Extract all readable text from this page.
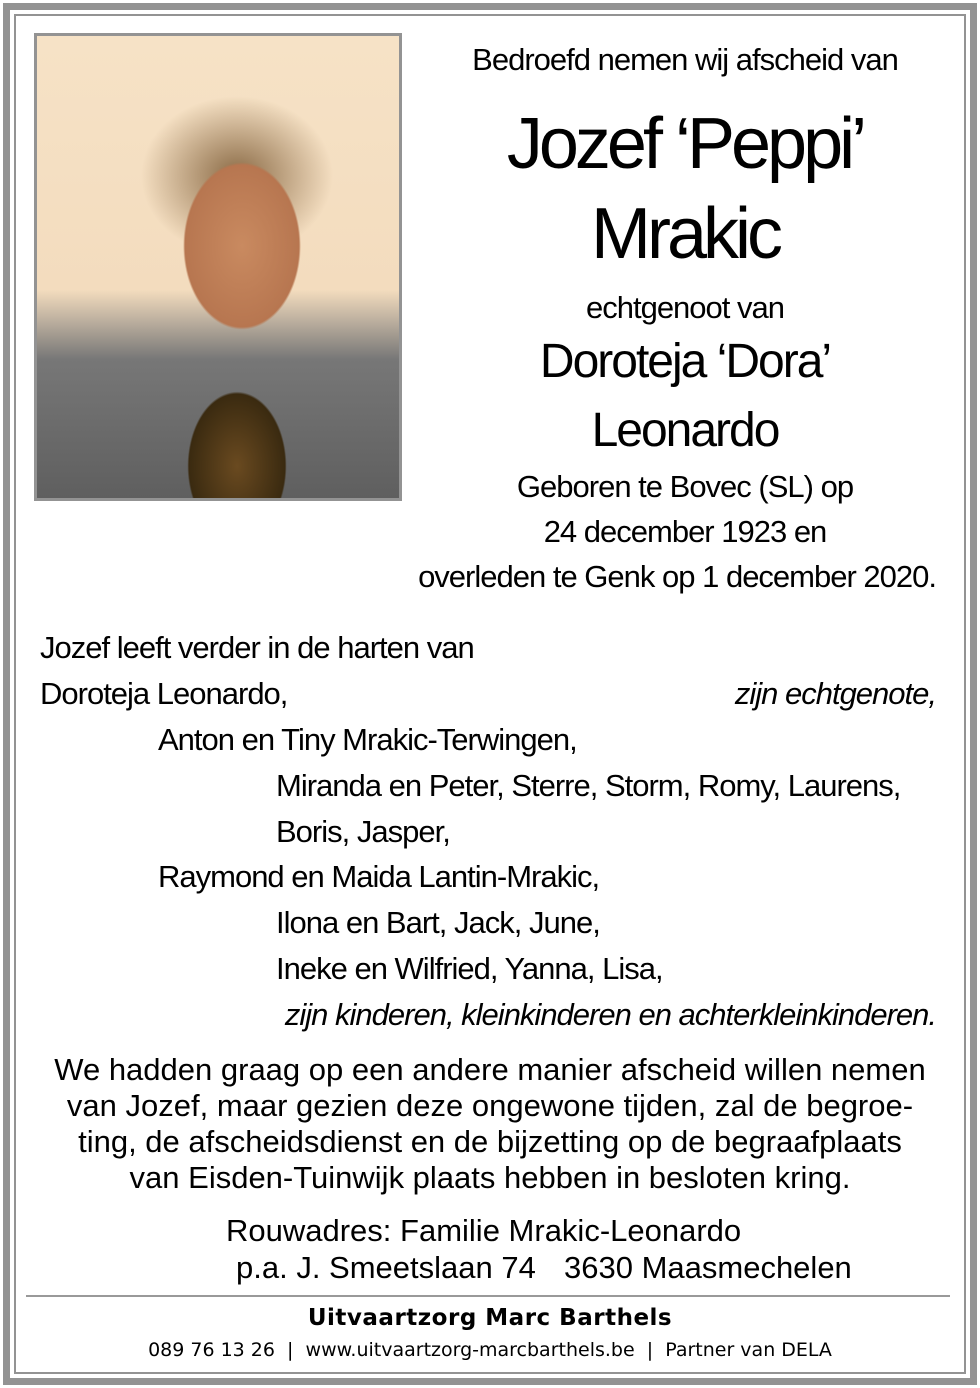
Bedroefd nemen wij afscheid van
Jozef ‘Peppi’
Mrakic
echtgenoot van
Doroteja ‘Dora’
Leonardo
Geboren te Bovec (SL) op
24 december 1923 en
overleden te Genk op 1 december 2020.
Jozef leeft verder in de harten van
Doroteja Leonardo,	zijn echtgenote,
Anton en Tiny Mrakic-Terwingen,
Miranda en Peter, Sterre, Storm, Romy, Laurens,
Boris, Jasper,
Raymond en Maida Lantin-Mrakic,
Ilona en Bart, Jack, June,
Ineke en Wilfried, Yanna, Lisa,
zijn kinderen, kleinkinderen en achterkleinkinderen.
We hadden graag op een andere manier afscheid willen nemen
van Jozef, maar gezien deze ongewone tijden, zal de begroe-
ting, de afscheidsdienst en de bijzetting op de begraafplaats
van Eisden-Tuinwijk plaats hebben in besloten kring.
Rouwadres: Familie Mrakic-Leonardo
p.a. J. Smeetslaan 74 3630 Maasmechelen
Uitvaartzorg Marc Barthels
089 76 13 26  |  www.uitvaartzorg-marcbarthels.be  |  Partner van DELA
